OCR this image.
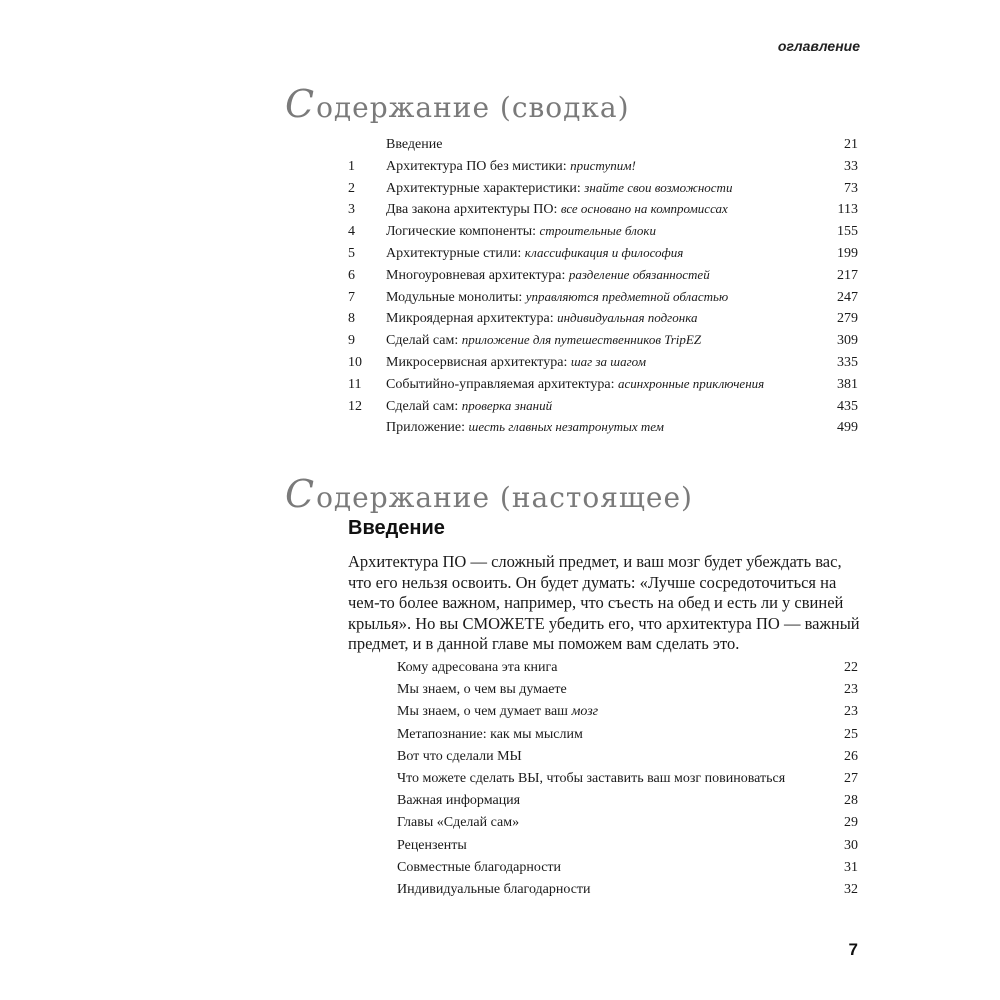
оглавление
Содержание (сводка)
Введение	21
1	Архитектура ПО без мистики: приступим!	33
2	Архитектурные характеристики: знайте свои возможности	73
3	Два закона архитектуры ПО: все основано на компромиссах	113
4	Логические компоненты: строительные блоки	155
5	Архитектурные стили: классификация и философия	199
6	Многоуровневая архитектура: разделение обязанностей	217
7	Модульные монолиты: управляются предметной областью	247
8	Микроядерная архитектура: индивидуальная подгонка	279
9	Сделай сам: приложение для путешественников TripEZ	309
10	Микросервисная архитектура: шаг за шагом	335
11	Событийно-управляемая архитектура: асинхронные приключения	381
12	Сделай сам: проверка знаний	435
Приложение: шесть главных незатронутых тем	499
Содержание (настоящее)
Введение
Архитектура ПО — сложный предмет, и ваш мозг будет убеждать вас, что его нельзя освоить. Он будет думать: «Лучше сосредоточиться на чем-то более важном, например, что съесть на обед и есть ли у свиней крылья». Но вы СМОЖЕТЕ убедить его, что архитектура ПО — важный предмет, и в данной главе мы поможем вам сделать это.
Кому адресована эта книга	22
Мы знаем, о чем вы думаете	23
Мы знаем, о чем думает ваш мозг	23
Метапознание: как мы мыслим	25
Вот что сделали МЫ	26
Что можете сделать ВЫ, чтобы заставить ваш мозг повиноваться	27
Важная информация	28
Главы «Сделай сам»	29
Рецензенты	30
Совместные благодарности	31
Индивидуальные благодарности	32
7
